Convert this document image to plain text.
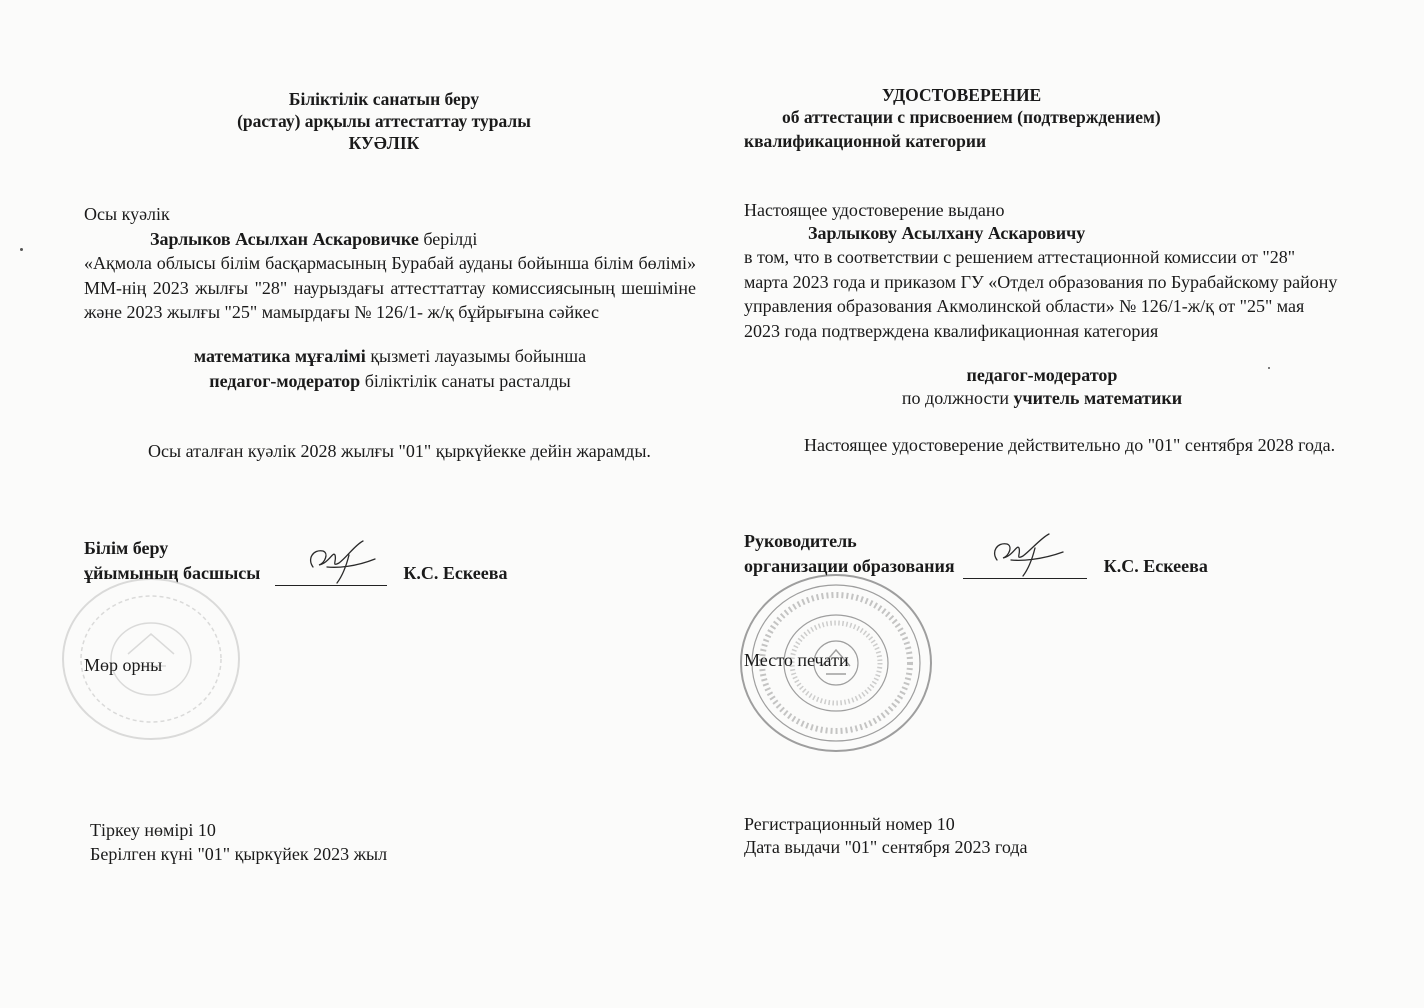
Біліктілік санатын беру
(растау) арқылы аттестаттау туралы
КУӘЛІК
Осы куәлік
Зарлыков Асылхан Аскаровичке берілді
«Ақмола облысы білім басқармасының Бурабай ауданы бойынша білім бөлімі» ММ-нің 2023 жылғы "28" наурыздағы аттесттаттау комиссиясының шешіміне және 2023 жылғы "25" мамырдағы № 126/1- ж/қ бұйрығына сәйкес
математика мұғалімі қызметі лауазымы бойынша
педагог-модератор біліктілік санаты расталды
Осы аталған куәлік 2028 жылғы "01" қыркүйекке дейін жарамды.
Білім беру
ұйымының басшысы	К.С. Ескеева
Мөр орны
Тіркеу нөмірі 10
Берілген күні "01" қыркүйек 2023 жыл
УДОСТОВЕРЕНИЕ
об аттестации с присвоением (подтверждением)
квалификационной категории
Настоящее удостоверение выдано
Зарлыкову Асылхану Аскаровичу
в том, что в соответствии с решением аттестационной комиссии от "28" марта 2023 года и приказом ГУ «Отдел образования по Бурабайскому району управления образования Акмолинской области» № 126/1-ж/қ от "25" мая 2023 года подтверждена квалификационная категория
педагог-модератор
по должности учитель математики
Настоящее удостоверение действительно до "01" сентября 2028 года.
Руководитель
организации образования	К.С. Ескеева
Место печати
Регистрационный номер 10
Дата выдачи "01" сентября 2023 года
